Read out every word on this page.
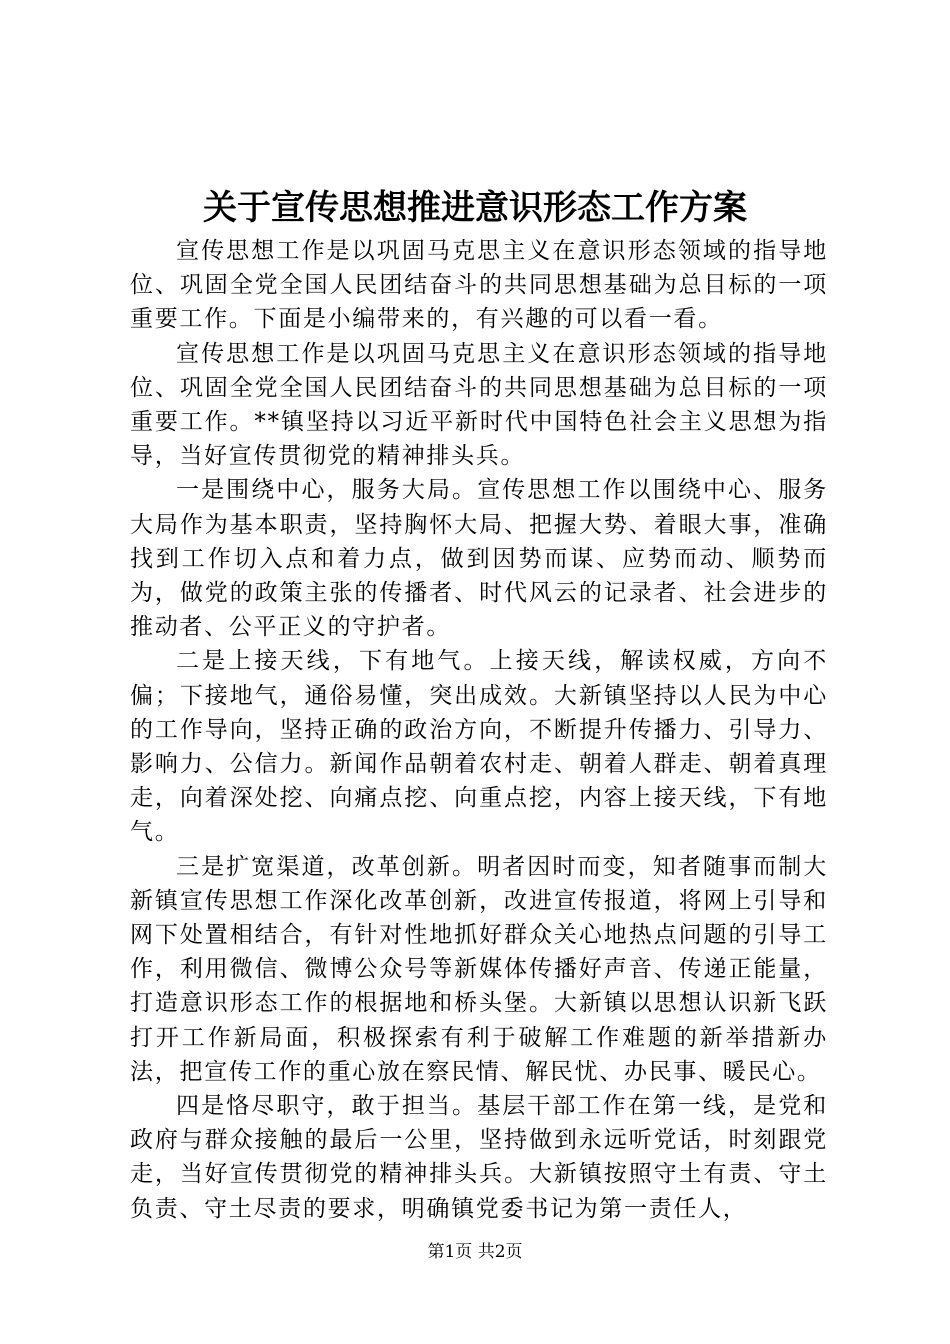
关于宣传思想推进意识形态工作方案

宣传思想工作是以巩固马克思主义在意识形态领域的指导地位、巩固全党全国人民团结奋斗的共同思想基础为总目标的一项重要工作。下面是小编带来的，有兴趣的可以看一看。

宣传思想工作是以巩固马克思主义在意识形态领域的指导地位、巩固全党全国人民团结奋斗的共同思想基础为总目标的一项重要工作。**镇坚持以习近平新时代中国特色社会主义思想为指导，当好宣传贯彻党的精神排头兵。

一是围绕中心，服务大局。宣传思想工作以围绕中心、服务大局作为基本职责，坚持胸怀大局、把握大势、着眼大事，准确找到工作切入点和着力点，做到因势而谋、应势而动、顺势而为，做党的政策主张的传播者、时代风云的记录者、社会进步的推动者、公平正义的守护者。

二是上接天线，下有地气。上接天线，解读权威，方向不偏；下接地气，通俗易懂，突出成效。大新镇坚持以人民为中心的工作导向，坚持正确的政治方向，不断提升传播力、引导力、影响力、公信力。新闻作品朝着农村走、朝着人群走、朝着真理走，向着深处挖、向痛点挖、向重点挖，内容上接天线，下有地气。

三是扩宽渠道，改革创新。明者因时而变，知者随事而制大新镇宣传思想工作深化改革创新，改进宣传报道，将网上引导和网下处置相结合，有针对性地抓好群众关心地热点问题的引导工作，利用微信、微博公众号等新媒体传播好声音、传递正能量，打造意识形态工作的根据地和桥头堡。大新镇以思想认识新飞跃打开工作新局面，积极探索有利于破解工作难题的新举措新办法，把宣传工作的重心放在察民情、解民忧、办民事、暖民心。

四是恪尽职守，敢于担当。基层干部工作在第一线，是党和政府与群众接触的最后一公里，坚持做到永远听党话，时刻跟党走，当好宣传贯彻党的精神排头兵。大新镇按照守土有责、守土负责、守土尽责的要求，明确镇党委书记为第一责任人，

第1页 共2页
